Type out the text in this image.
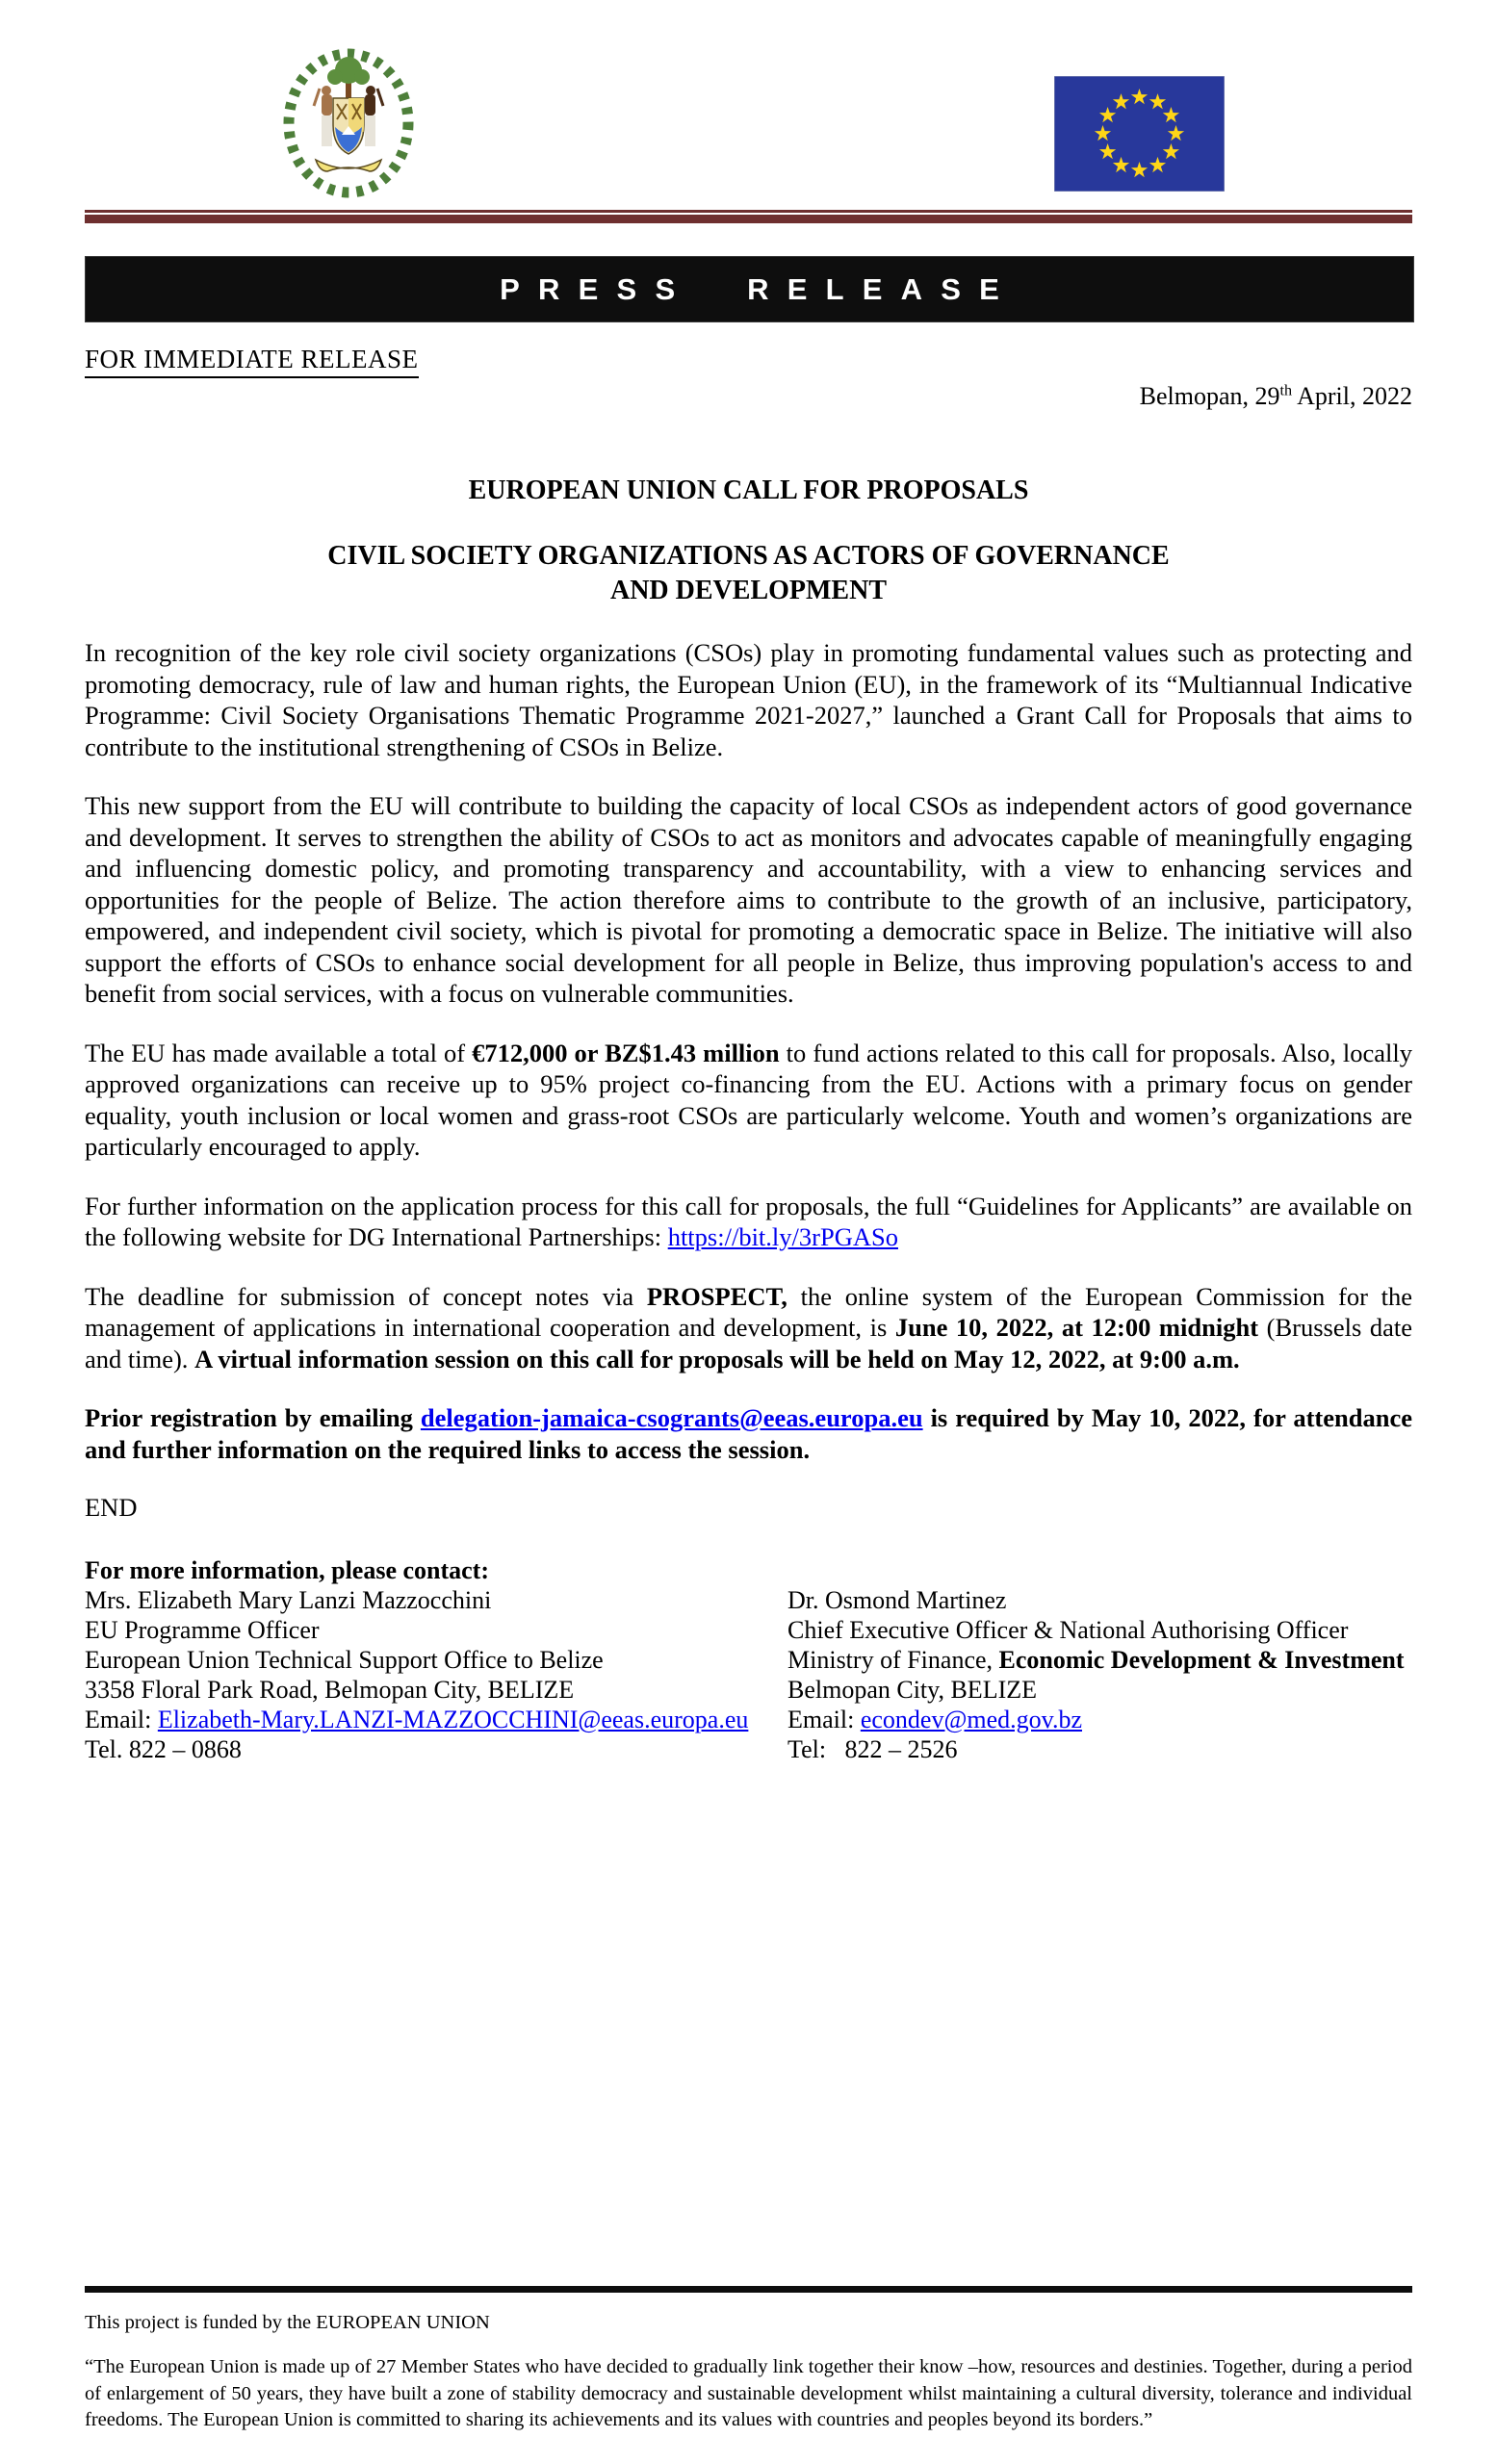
PRESS RELEASE
FOR IMMEDIATE RELEASE
Belmopan, 29th April, 2022
EUROPEAN UNION CALL FOR PROPOSALS
CIVIL SOCIETY ORGANIZATIONS AS ACTORS OF GOVERNANCE
AND DEVELOPMENT

In recognition of the key role civil society organizations (CSOs) play in promoting fundamental values such as protecting and promoting democracy, rule of law and human rights, the European Union (EU), in the framework of its “Multiannual Indicative Programme: Civil Society Organisations Thematic Programme 2021-2027,” launched a Grant Call for Proposals that aims to contribute to the institutional strengthening of CSOs in Belize.

This new support from the EU will contribute to building the capacity of local CSOs as independent actors of good governance and development. It serves to strengthen the ability of CSOs to act as monitors and advocates capable of meaningfully engaging and influencing domestic policy, and promoting transparency and accountability, with a view to enhancing services and opportunities for the people of Belize. The action therefore aims to contribute to the growth of an inclusive, participatory, empowered, and independent civil society, which is pivotal for promoting a democratic space in Belize. The initiative will also support the efforts of CSOs to enhance social development for all people in Belize, thus improving population's access to and benefit from social services, with a focus on vulnerable communities.

The EU has made available a total of €712,000 or BZ$1.43 million to fund actions related to this call for proposals. Also, locally approved organizations can receive up to 95% project co-financing from the EU. Actions with a primary focus on gender equality, youth inclusion or local women and grass-root CSOs are particularly welcome. Youth and women’s organizations are particularly encouraged to apply.

For further information on the application process for this call for proposals, the full “Guidelines for Applicants” are available on the following website for DG International Partnerships: https://bit.ly/3rPGASo

The deadline for submission of concept notes via PROSPECT, the online system of the European Commission for the management of applications in international cooperation and development, is June 10, 2022, at 12:00 midnight (Brussels date and time). A virtual information session on this call for proposals will be held on May 12, 2022, at 9:00 a.m.

Prior registration by emailing delegation-jamaica-csogrants@eeas.europa.eu is required by May 10, 2022, for attendance and further information on the required links to access the session.

END
For more information, please contact:
Mrs. Elizabeth Mary Lanzi Mazzocchini
EU Programme Officer
European Union Technical Support Office to Belize
3358 Floral Park Road, Belmopan City, BELIZE
Email: Elizabeth-Mary.LANZI-MAZZOCCHINI@eeas.europa.eu
Tel. 822 – 0868
Dr. Osmond Martinez
Chief Executive Officer & National Authorising Officer
Ministry of Finance, Economic Development & Investment
Belmopan City, BELIZE
Email: econdev@med.gov.bz
Tel:   822 – 2526
This project is funded by the EUROPEAN UNION
“The European Union is made up of 27 Member States who have decided to gradually link together their know –how, resources and destinies. Together, during a period of enlargement of 50 years, they have built a zone of stability democracy and sustainable development whilst maintaining a cultural diversity, tolerance and individual freedoms. The European Union is committed to sharing its achievements and its values with countries and peoples beyond its borders.”
